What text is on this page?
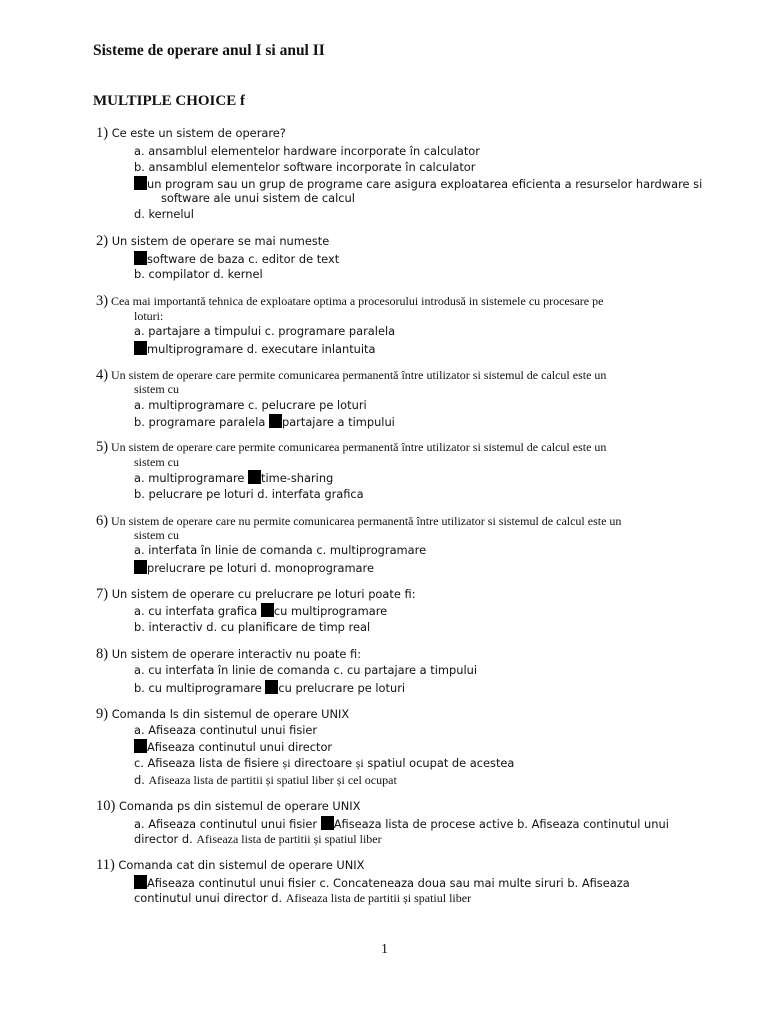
Sisteme de operare anul I si anul II
MULTIPLE CHOICE f
1) Ce este un sistem de operare?
a. ansamblul elementelor hardware incorporate în calculator
b. ansamblul elementelor software incorporate în calculator
un program sau un grup de programe care asigura exploatarea eficienta a resurselor hardware si
software ale unui sistem de calcul
d. kernelul
2) Un sistem de operare se mai numeste
software de baza c. editor de text
b. compilator d. kernel
3) Cea mai importantă tehnica de exploatare optima a procesorului introdusă in sistemele cu procesare pe
loturi:
a. partajare a timpului c. programare paralela
multiprogramare d. executare inlantuita
4) Un sistem de operare care permite comunicarea permanentă între utilizator si sistemul de calcul este un
sistem cu
a. multiprogramare c. pelucrare pe loturi
b. programare paralela partajare a timpului
5) Un sistem de operare care permite comunicarea permanentă între utilizator si sistemul de calcul este un
sistem cu
a. multiprogramare time-sharing
b. pelucrare pe loturi d. interfata grafica
6) Un sistem de operare care nu permite comunicarea permanentă între utilizator si sistemul de calcul este un
sistem cu
a. interfata în linie de comanda c. multiprogramare
prelucrare pe loturi d. monoprogramare
7) Un sistem de operare cu prelucrare pe loturi poate fi:
a. cu interfata grafica cu multiprogramare
b. interactiv d. cu planificare de timp real
8) Un sistem de operare interactiv nu poate fi:
a. cu interfata în linie de comanda c. cu partajare a timpului
b. cu multiprogramare cu prelucrare pe loturi
9) Comanda ls din sistemul de operare UNIX
a. Afiseaza continutul unui fisier
Afiseaza continutul unui director
c. Afiseaza lista de fisiere și directoare și spatiul ocupat de acestea
d. Afiseaza lista de partitii și spatiul liber și cel ocupat
10) Comanda ps din sistemul de operare UNIX
a. Afiseaza continutul unui fisier Afiseaza lista de procese active b. Afiseaza continutul unui
director d. Afiseaza lista de partitii și spatiul liber
11) Comanda cat din sistemul de operare UNIX
Afiseaza continutul unui fisier c. Concateneaza doua sau mai multe siruri b. Afiseaza
continutul unui director d. Afiseaza lista de partitii și spatiul liber
1
